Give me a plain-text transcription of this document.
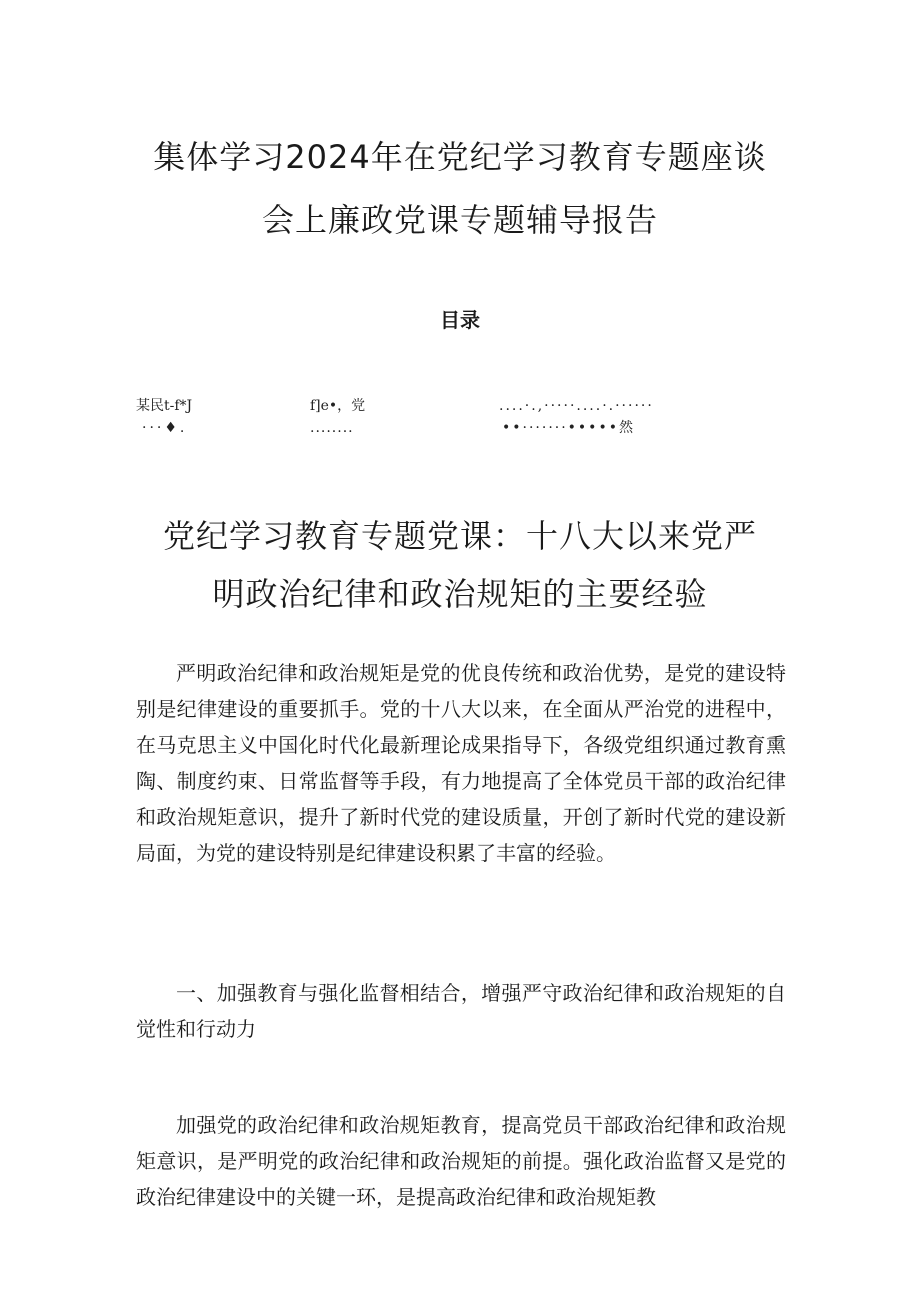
集体学习2024年在党纪学习教育专题座谈
会上廉政党课专题辅导报告
目录
某民t-f*J	f]e•，党	....·.,·····....·.······
···♦.	........	••·······•••••然
党纪学习教育专题党课：十八大以来党严
明政治纪律和政治规矩的主要经验

严明政治纪律和政治规矩是党的优良传统和政治优势，是党的建设特别是纪律建设的重要抓手。党的十八大以来，在全面从严治党的进程中，在马克思主义中国化时代化最新理论成果指导下，各级党组织通过教育熏陶、制度约束、日常监督等手段，有力地提高了全体党员干部的政治纪律和政治规矩意识，提升了新时代党的建设质量，开创了新时代党的建设新局面，为党的建设特别是纪律建设积累了丰富的经验。

一、加强教育与强化监督相结合，增强严守政治纪律和政治规矩的自觉性和行动力

加强党的政治纪律和政治规矩教育，提高党员干部政治纪律和政治规矩意识，是严明党的政治纪律和政治规矩的前提。强化政治监督又是党的政治纪律建设中的关键一环，是提高政治纪律和政治规矩教
